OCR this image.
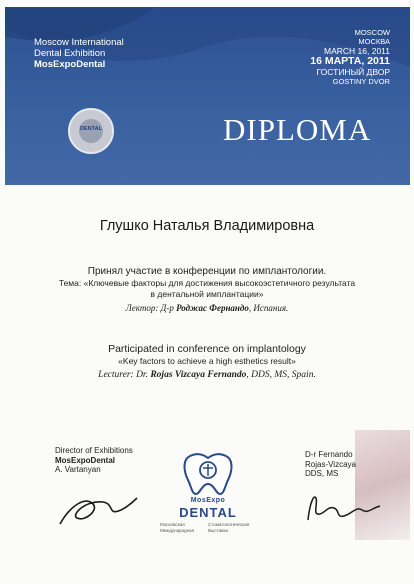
Moscow International
Dental Exhibition
MosExpoDental
MOSCOW
МОСКВА
MARCH 16, 2011
16 МАРТА, 2011
ГОСТИНЫЙ ДВОР
GOSTINY DVOR
DENTAL	DIPLOMA
Глушко Наталья Владимировна
Принял участие в конференции по имплантологии.
Тема: «Ключевые факторы для достижения высокоэстетичного результата
в дентальной имплантации»
Лектор: Д-р Роджас Фернандо, Испания.
Participated in conference on implantology
«Key factors to achieve a high esthetics result»
Lecturer: Dr. Rojas Vizcaya Fernando, DDS, MS, Spain.
Director of Exhibitions
MosExpoDental
A. Vartanyan
MosExpo
DENTAL
Московская Международная
Стоматологическая Выставка
D-r Fernando
Rojas-Vizcaya
DDS, MS
